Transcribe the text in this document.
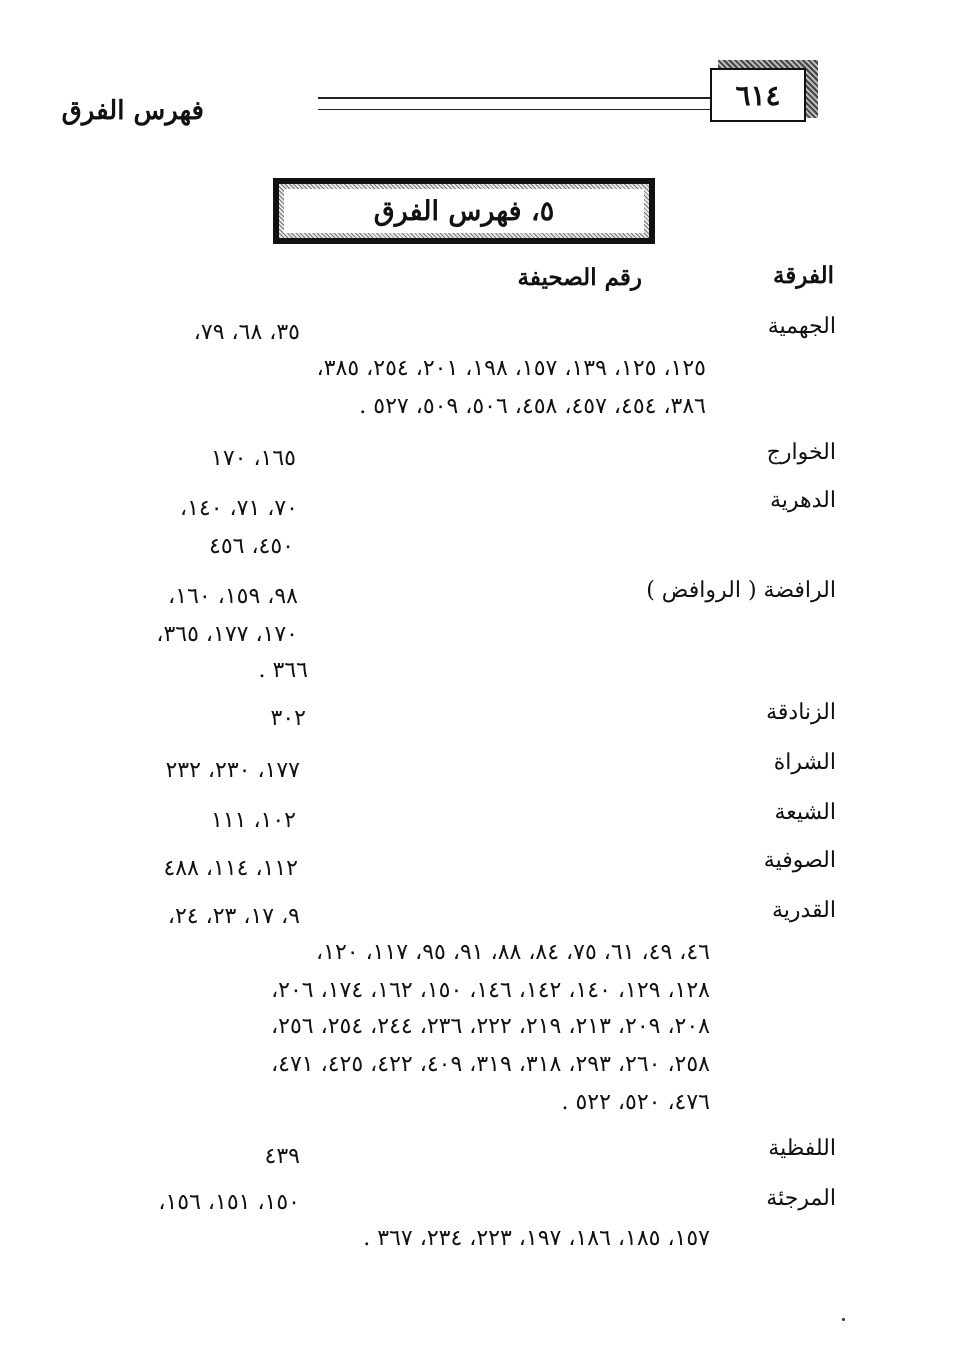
٦١٤
فهرس الفرق
٥، فهرس الفرق
الفرقة
رقم الصحيفة
الجهمية
٣٥، ٦٨، ٧٩،
١٢٥، ١٢٥، ١٣٩، ١٥٧، ١٩٨، ٢٠١، ٢٥٤، ٣٨٥،
٣٨٦، ٤٥٤، ٤٥٧، ٤٥٨، ٥٠٦، ٥٠٩، ٥٢٧ .
الخوارج
١٦٥، ١٧٠
الدهرية
٧٠، ٧١، ١٤٠،
٤٥٠، ٤٥٦
الرافضة ( الروافض )
٩٨، ١٥٩، ١٦٠،
١٧٠، ١٧٧، ٣٦٥،
٣٦٦ .
الزنادقة
٣٠٢
الشراة
١٧٧، ٢٣٠، ٢٣٢
الشيعة
١٠٢، ١١١
الصوفية
١١٢، ١١٤، ٤٨٨
القدرية
٩، ١٧، ٢٣، ٢٤،
٤٦، ٤٩، ٦١، ٧٥، ٨٤، ٨٨، ٩١، ٩٥، ١١٧، ١٢٠،
١٢٨، ١٢٩، ١٤٠، ١٤٢، ١٤٦، ١٥٠، ١٦٢، ١٧٤، ٢٠٦،
٢٠٨، ٢٠٩، ٢١٣، ٢١٩، ٢٢٢، ٢٣٦، ٢٤٤، ٢٥٤، ٢٥٦،
٢٥٨، ٢٦٠، ٢٩٣، ٣١٨، ٣١٩، ٤٠٩، ٤٢٢، ٤٢٥، ٤٧١،
٤٧٦، ٥٢٠، ٥٢٢ .
اللفظية
٤٣٩
المرجئة
١٥٠، ١٥١، ١٥٦،
١٥٧، ١٨٥، ١٨٦، ١٩٧، ٢٢٣، ٢٣٤، ٣٦٧ .
